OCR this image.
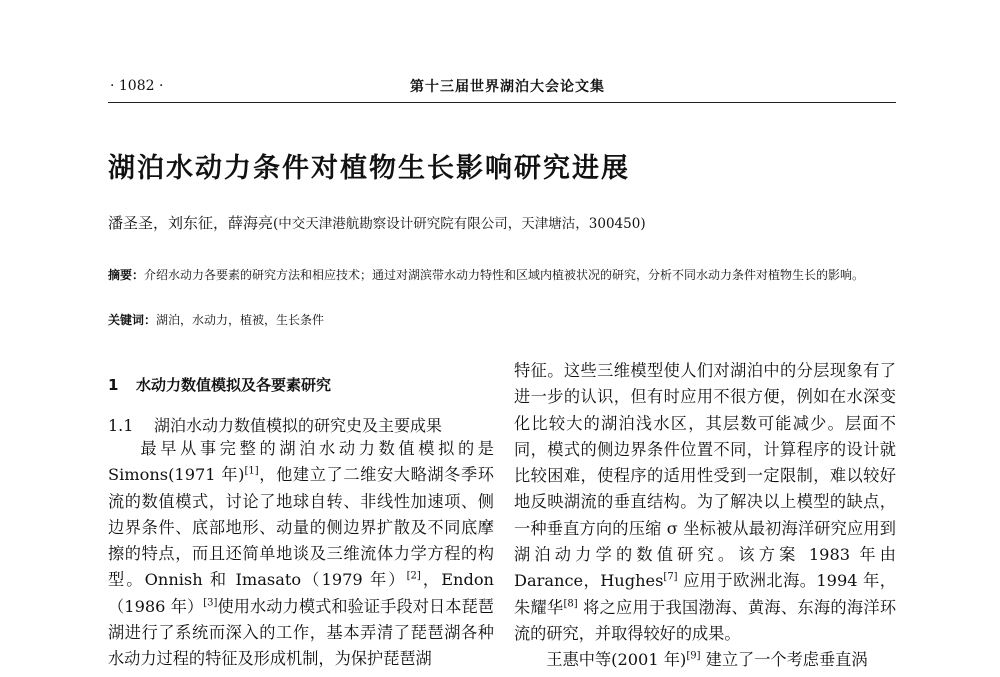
· 1082 ·	第十三届世界湖泊大会论文集
湖泊水动力条件对植物生长影响研究进展
潘圣圣，刘东征，薛海亮(中交天津港航勘察设计研究院有限公司，天津塘沽，300450)
摘要：介绍水动力各要素的研究方法和相应技术；通过对湖滨带水动力特性和区域内植被状况的研究，分析不同水动力条件对植物生长的影响。
关键词：湖泊，水动力，植被，生长条件
1 水动力数值模拟及各要素研究
1.1 湖泊水动力数值模拟的研究史及主要成果

最早从事完整的湖泊水动力数值模拟的是 Simons(1971 年)[1]，他建立了二维安大略湖冬季环流的数值模式，讨论了地球自转、非线性加速项、侧边界条件、底部地形、动量的侧边界扩散及不同底摩擦的特点，而且还简单地谈及三维流体力学方程的构型。Onnish 和 Imasato（1979 年）[2]，Endon（1986 年）[3]使用水动力模式和验证手段对日本琵琶湖进行了系统而深入的工作，基本弄清了琵琶湖各种水动力过程的特征及形成机制，为保护琵琶湖

特征。这些三维模型使人们对湖泊中的分层现象有了进一步的认识，但有时应用不很方便，例如在水深变化比较大的湖泊浅水区，其层数可能减少。层面不同，模式的侧边界条件位置不同，计算程序的设计就比较困难，使程序的适用性受到一定限制，难以较好地反映湖流的垂直结构。为了解决以上模型的缺点，一种垂直方向的压缩 σ 坐标被从最初海洋研究应用到湖泊动力学的数值研究。该方案 1983 年由 Darance，Hughes[7] 应用于欧洲北海。1994 年，朱耀华[8] 将之应用于我国渤海、黄海、东海的海洋环流的研究，并取得较好的成果。

王惠中等(2001 年)[9] 建立了一个考虑垂直涡
